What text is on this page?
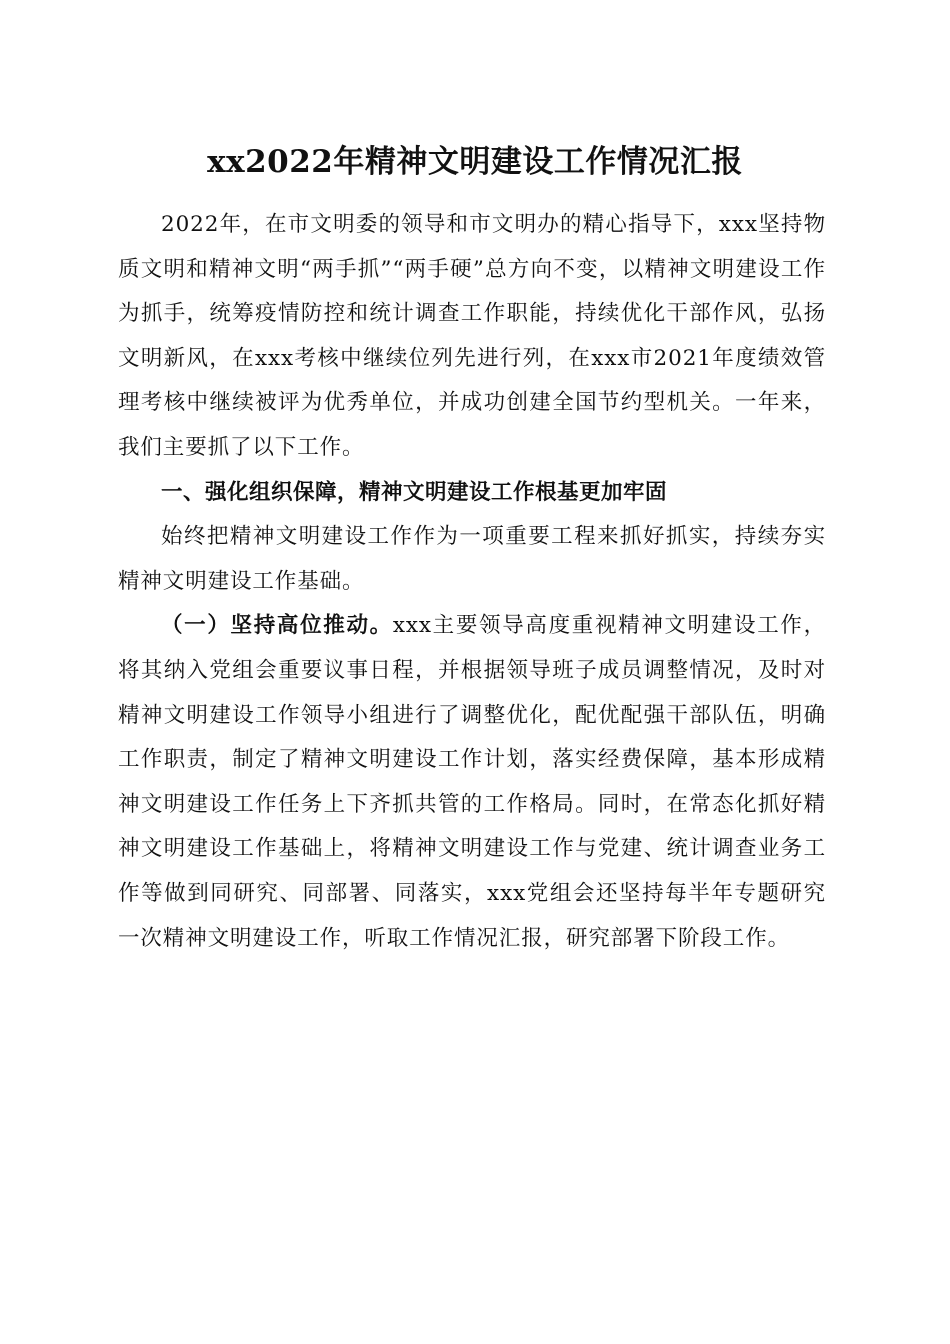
xx2022年精神文明建设工作情况汇报

2022年，在市文明委的领导和市文明办的精心指导下，xxx坚持物质文明和精神文明“两手抓”“两手硬”总方向不变，以精神文明建设工作为抓手，统筹疫情防控和统计调查工作职能，持续优化干部作风，弘扬文明新风，在xxx考核中继续位列先进行列，在xxx市2021年度绩效管理考核中继续被评为优秀单位，并成功创建全国节约型机关。一年来，我们主要抓了以下工作。

一、强化组织保障，精神文明建设工作根基更加牢固

始终把精神文明建设工作作为一项重要工程来抓好抓实，持续夯实精神文明建设工作基础。

（一）坚持高位推动。xxx主要领导高度重视精神文明建设工作，将其纳入党组会重要议事日程，并根据领导班子成员调整情况，及时对精神文明建设工作领导小组进行了调整优化，配优配强干部队伍，明确工作职责，制定了精神文明建设工作计划，落实经费保障，基本形成精神文明建设工作任务上下齐抓共管的工作格局。同时，在常态化抓好精神文明建设工作基础上，将精神文明建设工作与党建、统计调查业务工作等做到同研究、同部署、同落实，xxx党组会还坚持每半年专题研究一次精神文明建设工作，听取工作情况汇报，研究部署下阶段工作。
